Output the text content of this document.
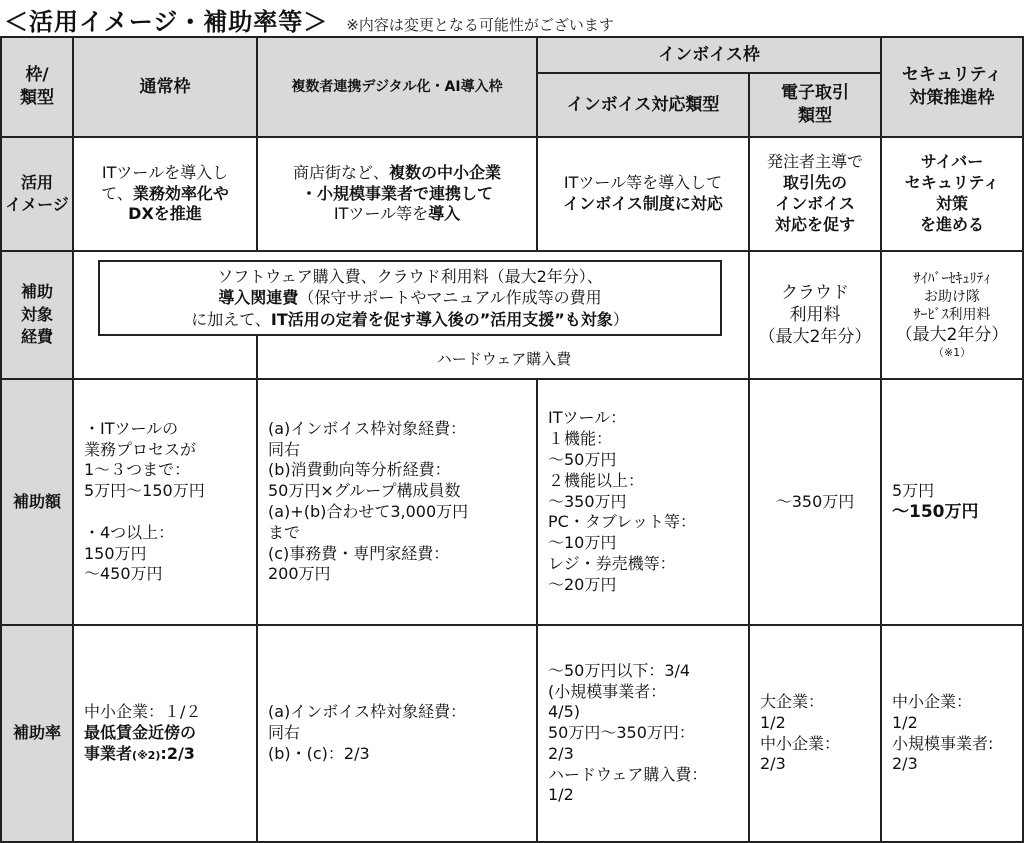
＜活用イメージ・補助率等＞ ※内容は変更となる可能性がございます
枠/
類型
通常枠	複数者連携デジタル化・AI導入枠
インボイス枠
インボイス対応類型
電子取引
類型
セキュリティ
対策推進枠
活用
イメージ
ITツールを導入し
て、業務効率化や
DXを推進
商店街など、複数の中小企業
・小規模事業者で連携して
ITツール等を導入
ITツール等を導入して
インボイス制度に対応
発注者主導で
取引先の
インボイス
対応を促す
サイバー
セキュリティ
対策
を進める
補助
対象
経費
ハードウェア購入費
ソフトウェア購入費、クラウド利用料（最大2年分）、
導入関連費（保守サポートやマニュアル作成等の費用
に加えて、IT活用の定着を促す導入後の”活用支援”も対象）
クラウド
利用料
（最大2年分）
ｻｲﾊﾞｰｾｷｭﾘﾃｨ
お助け隊
ｻｰﾋﾞｽ利用料
（最大2年分）
（※1）
補助額
・ITツールの
業務プロセスが
1～３つまで：
5万円～150万円

・4つ以上：
150万円
～450万円
(a)インボイス枠対象経費：
同右
(b)消費動向等分析経費：
50万円×グループ構成員数
(a)+(b)合わせて3,000万円
まで
(c)事務費・専門家経費：
200万円
ITツール：
１機能：
～50万円
２機能以上：
～350万円
PC・タブレット等：
～10万円
レジ・券売機等：
～20万円
～350万円
5万円
～150万円
補助率
中小企業：１/２
最低賃金近傍の
事業者(※2):2/3
(a)インボイス枠対象経費：
同右
(b)・(c)：2/3
～50万円以下：3/4
(小規模事業者：
4/5)
50万円～350万円：
2/3
ハードウェア購入費：
1/2
大企業：
1/2
中小企業：
2/3
中小企業：
1/2
小規模事業者:
2/3
